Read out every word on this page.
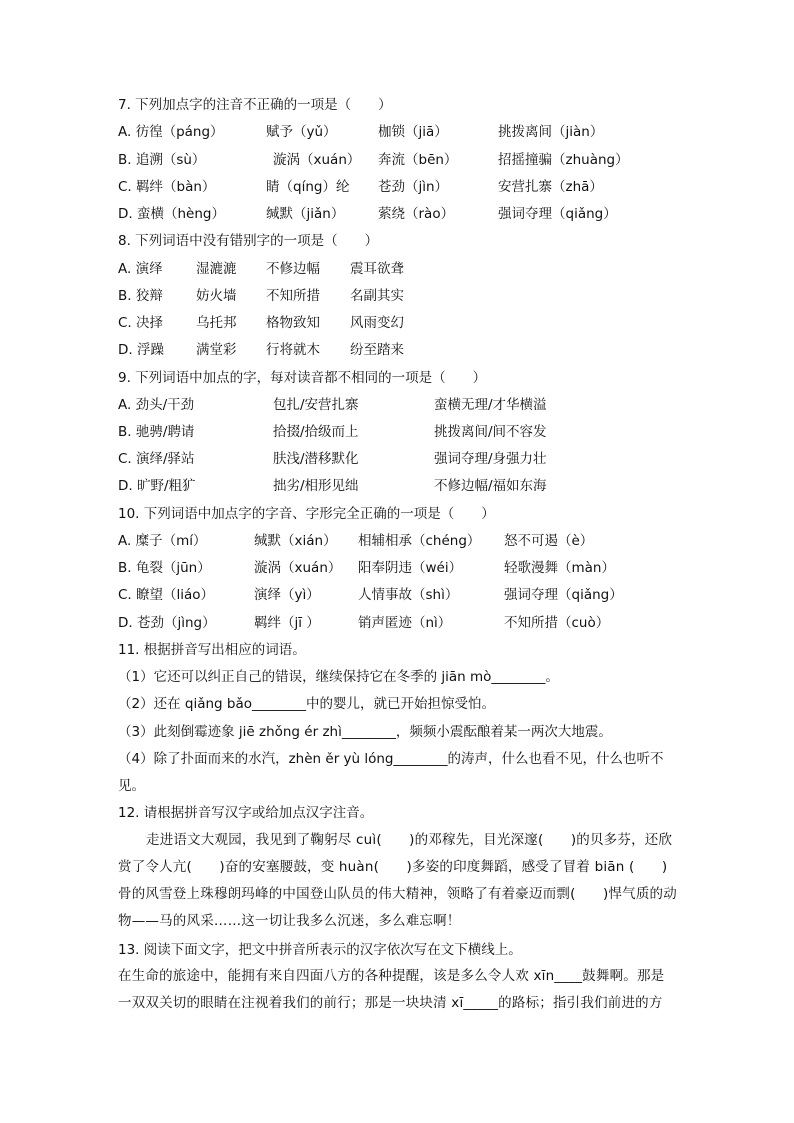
7. 下列加点字的注音不正确的一项是（　　）
A. 彷徨（páng）	赋予（yǔ）	枷锁（jiā）	挑拨离间（jiàn）
B. 追溯（sù）	漩涡（xuán） 奔流（bēn）	招摇撞骗（zhuàng）
C. 羁绊（bàn）	睛（qíng）纶 苍劲（jìn）	安营扎寨（zhā）
D. 蛮横（hèng）	缄默（jiǎn） 萦绕（rào）	强词夺理（qiǎng）
8. 下列词语中没有错别字的一项是（　　）
A. 演绎 湿漉漉 不修边幅 震耳欲聋
B. 狡辩 妨火墙 不知所措 名副其实
C. 决择 乌托邦 格物致知 风雨变幻
D. 浮躁 满堂彩 行将就木 纷至踏来
9. 下列词语中加点的字，每对读音都不相同的一项是（　　）
A. 劲头/干劲	包扎/安营扎寨	蛮横无理/才华横溢
B. 驰骋/聘请	拾掇/拾级而上	挑拨离间/间不容发
C. 演绎/驿站	肤浅/潜移默化	强词夺理/身强力壮
D. 旷野/粗犷	拙劣/相形见绌	不修边幅/福如东海
10. 下列词语中加点字的字音、字形完全正确的一项是（　　）
A. 糜子（mí）	缄默（xián） 相辅相承（chéng） 怒不可遏（è）
B. 龟裂（jūn）	漩涡（xuán） 阳奉阴违（wéi）	轻歌漫舞（màn）
C. 瞭望（liáo）	演绎（yì）	人情事故（shì）	强词夺理（qiǎng）
D. 苍劲（jìng）	羁绊（jī ）	销声匿迹（nì）	不知所措（cuò）
11. 根据拼音写出相应的词语。
（1）它还可以纠正自己的错误，继续保持它在冬季的 jiān mò________。
（2）还在 qiǎng bǎo________中的婴儿，就已开始担惊受怕。
（3）此刻倒霉迹象 jiē zhǒng ér zhì________，频频小震酝酿着某一两次大地震。
（4）除了扑面而来的水汽，zhèn ěr yù lóng________的涛声，什么也看不见，什么也听不
见。
12. 请根据拼音写汉字或给加点汉字注音。
走进语文大观园，我见到了鞠躬尽 cuì(　　)的邓稼先，目光深邃(　　)的贝多芬，还欣赏了令人亢(　　)奋的安塞腰鼓，变 huàn(　　)多姿的印度舞蹈，感受了冒着 biān (　　)骨的风雪登上珠穆朗玛峰的中国登山队员的伟大精神，领略了有着豪迈而剽(　　)悍气质的动物——马的风采……这一切让我多么沉迷，多么难忘啊！
13. 阅读下面文字，把文中拼音所表示的汉字依次写在文下横线上。
在生命的旅途中，能拥有来自四面八方的各种提醒，该是多么令人欢 xīn____鼓舞啊。那是一双双关切的眼睛在注视着我们的前行；那是一块块清 xī_____的路标；指引我们前进的方
